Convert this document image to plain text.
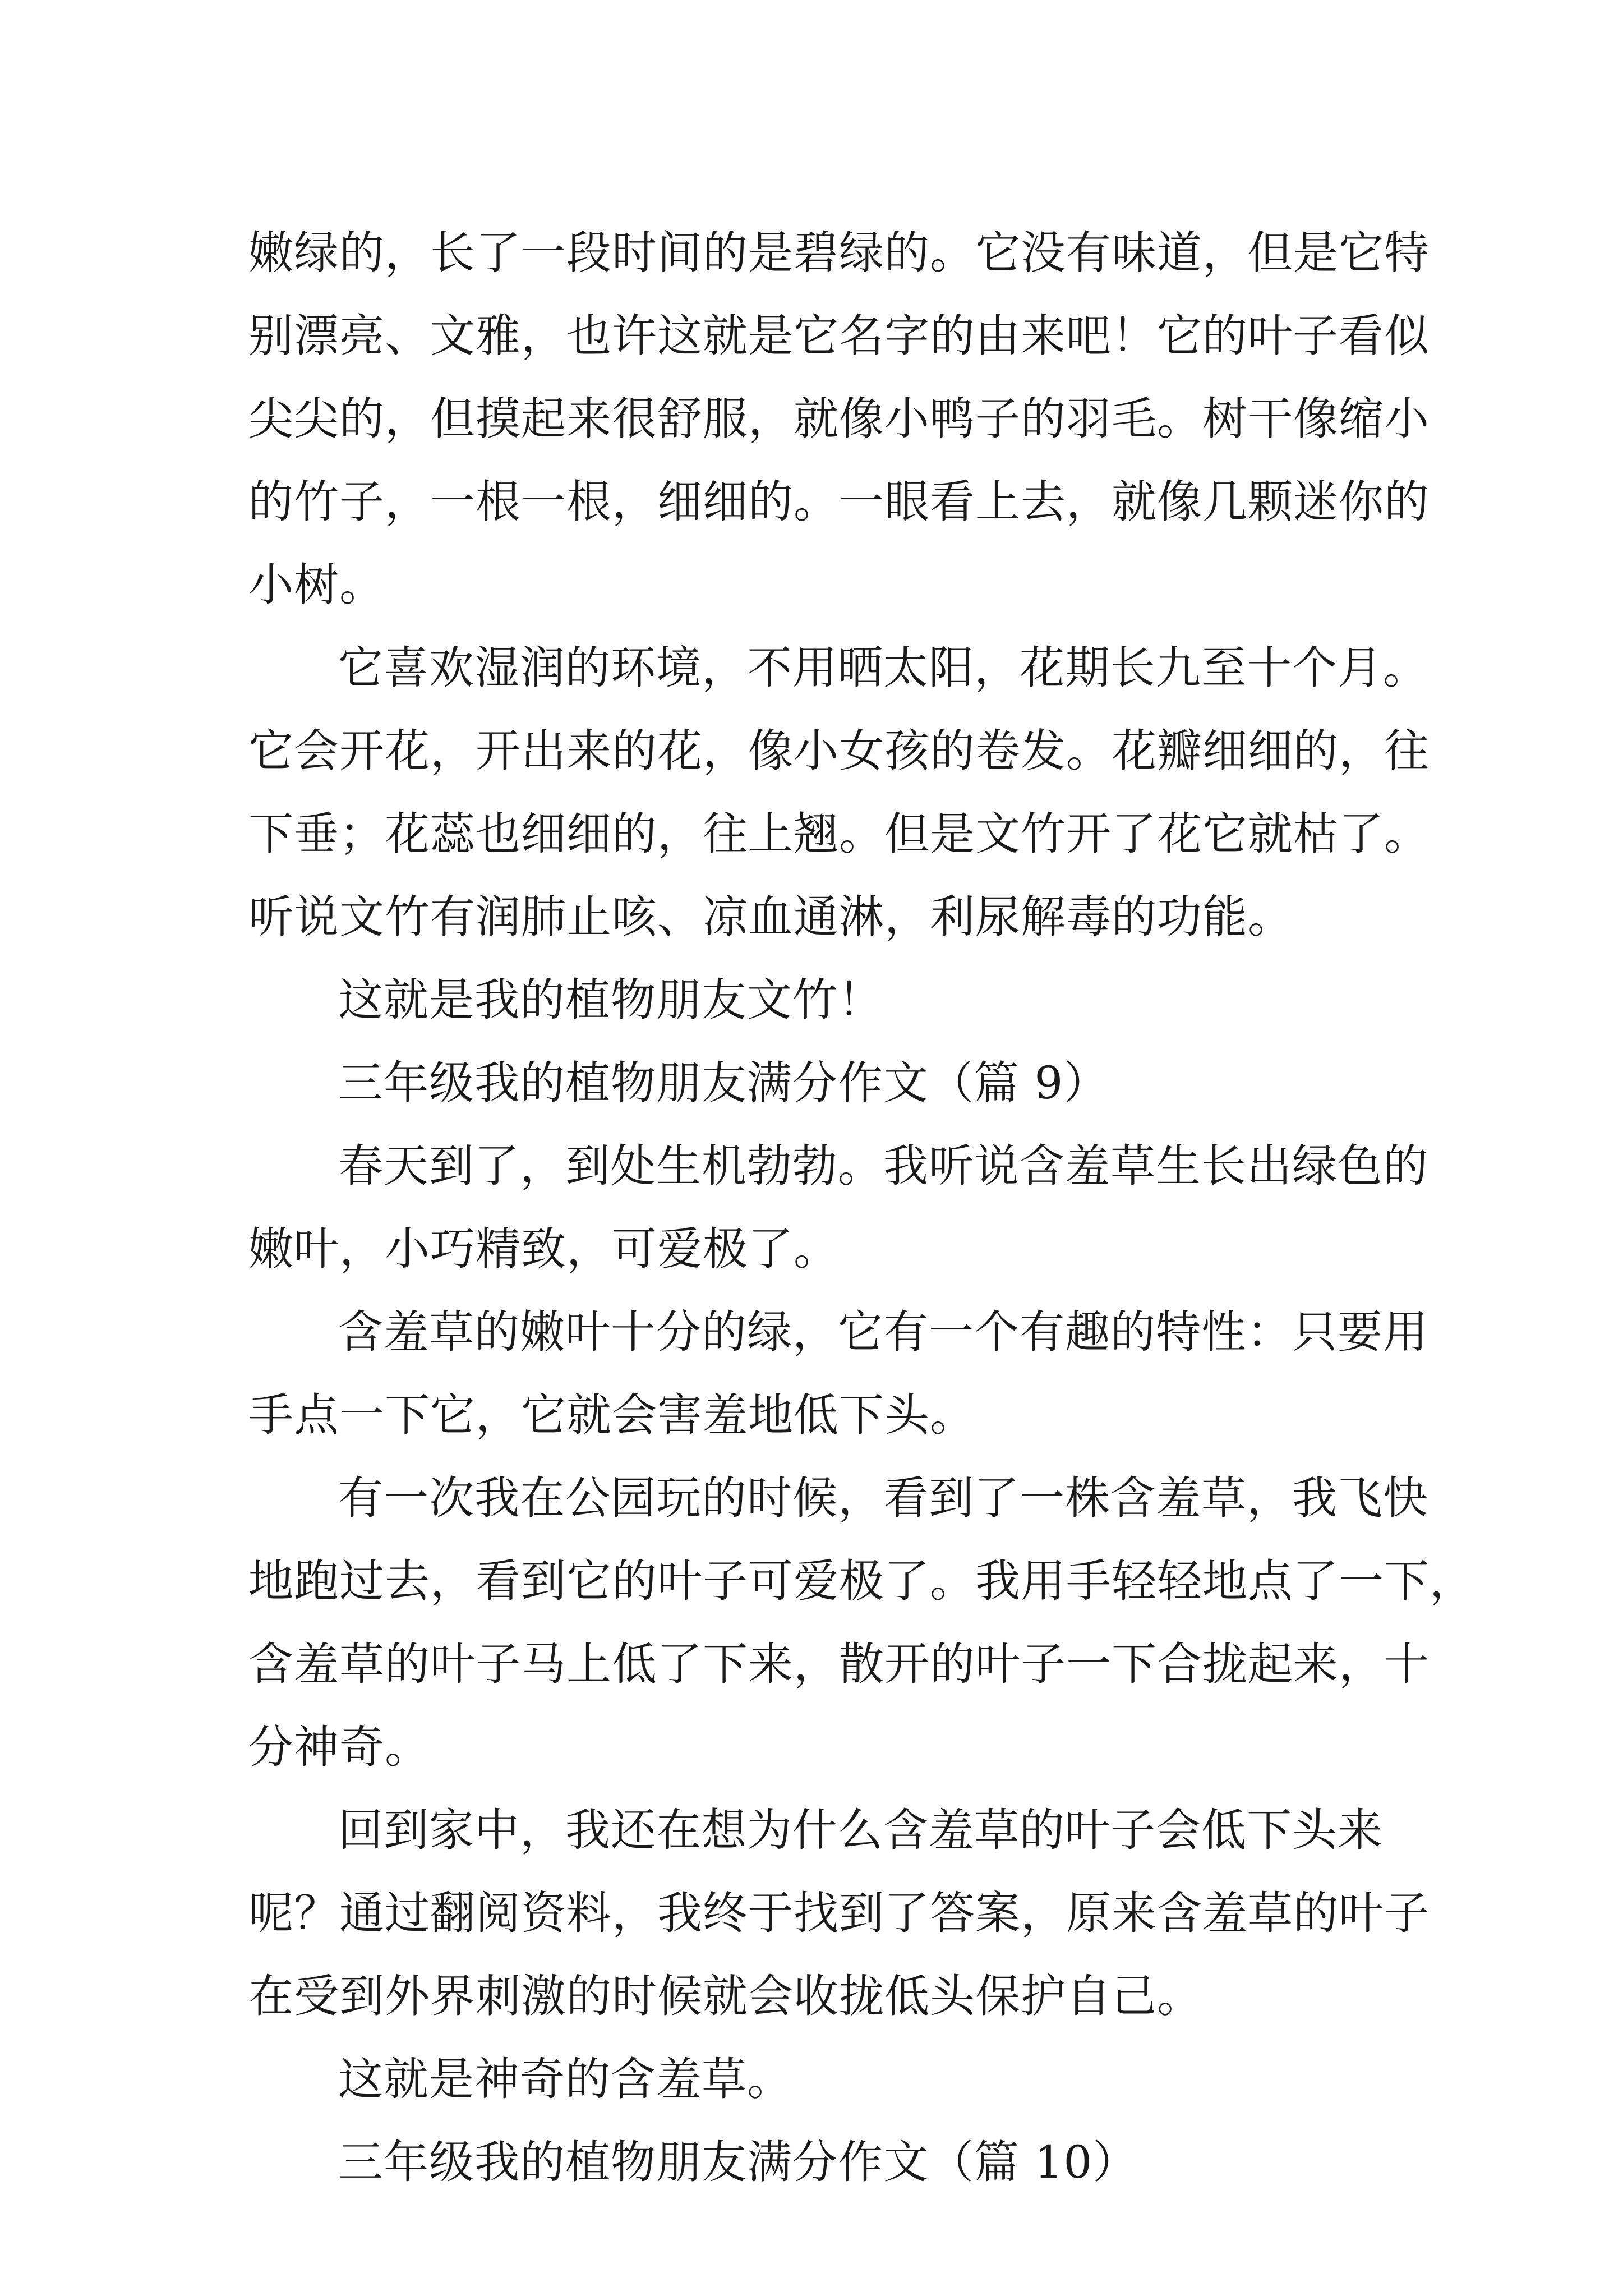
嫩绿的，长了一段时间的是碧绿的。它没有味道，但是它特
别漂亮、文雅，也许这就是它名字的由来吧！它的叶子看似
尖尖的，但摸起来很舒服，就像小鸭子的羽毛。树干像缩小
的竹子，一根一根，细细的。一眼看上去，就像几颗迷你的
小树。
它喜欢湿润的环境，不用晒太阳，花期长九至十个月。
它会开花，开出来的花，像小女孩的卷发。花瓣细细的，往
下垂；花蕊也细细的，往上翘。但是文竹开了花它就枯了。
听说文竹有润肺止咳、凉血通淋，利尿解毒的功能。
这就是我的植物朋友文竹！
三年级我的植物朋友满分作文（篇 9）
春天到了，到处生机勃勃。我听说含羞草生长出绿色的
嫩叶，小巧精致，可爱极了。
含羞草的嫩叶十分的绿，它有一个有趣的特性：只要用
手点一下它，它就会害羞地低下头。
有一次我在公园玩的时候，看到了一株含羞草，我飞快
地跑过去，看到它的叶子可爱极了。我用手轻轻地点了一下，
含羞草的叶子马上低了下来，散开的叶子一下合拢起来，十
分神奇。
回到家中，我还在想为什么含羞草的叶子会低下头来
呢？通过翻阅资料，我终于找到了答案，原来含羞草的叶子
在受到外界刺激的时候就会收拢低头保护自己。
这就是神奇的含羞草。
三年级我的植物朋友满分作文（篇 10）
